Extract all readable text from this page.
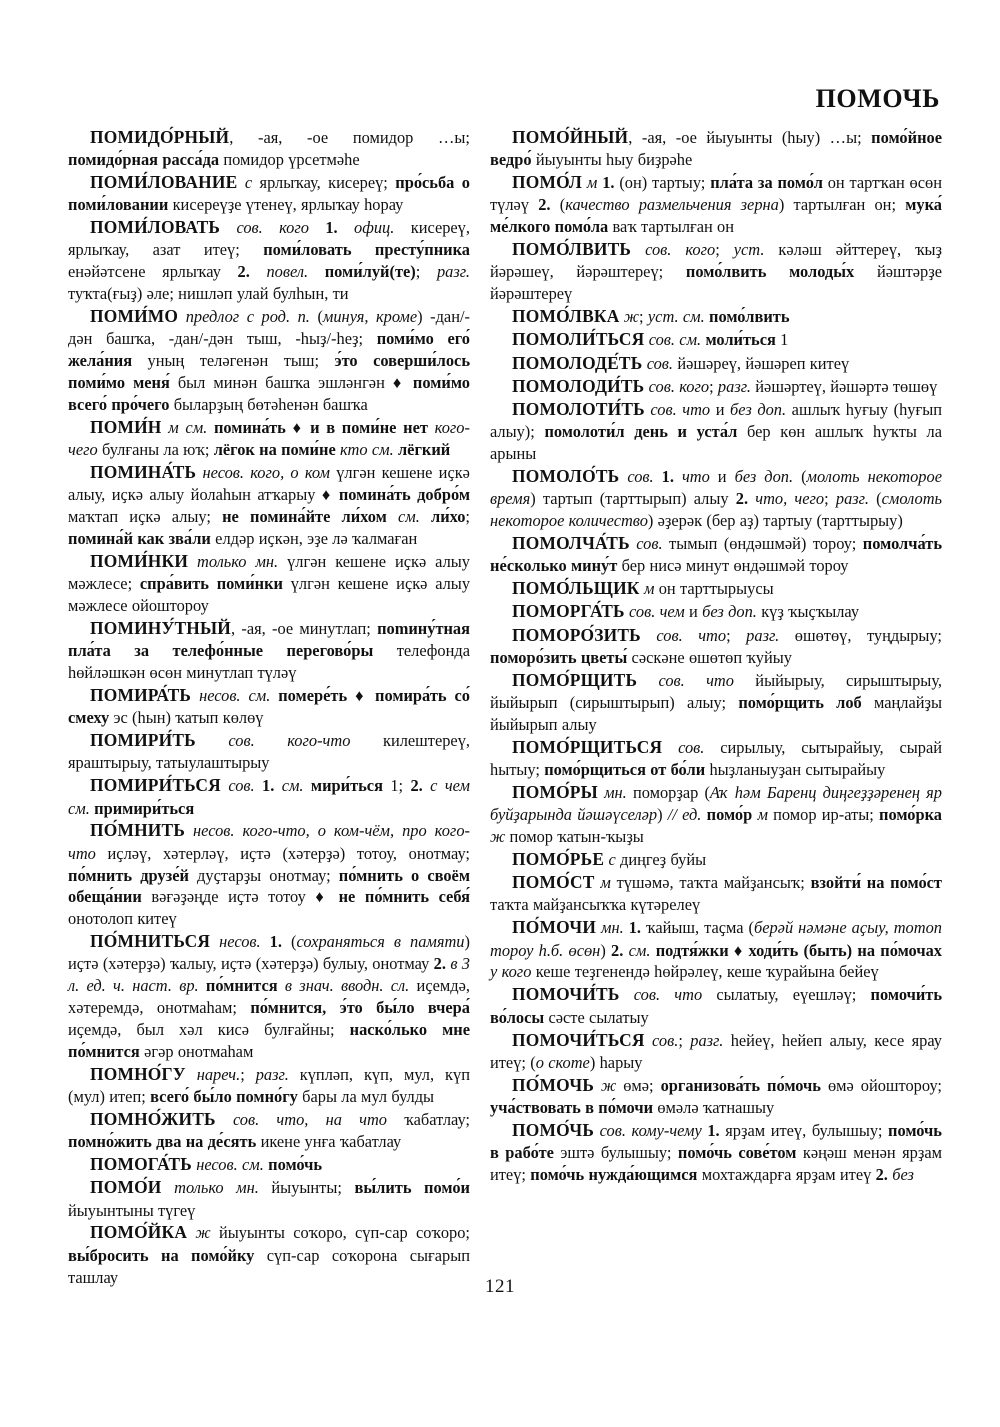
ПОМОЧЬ

ПОМИДО́РНЫЙ, -ая, -ое помидор …ы; помидо́рная расса́да помидор үрсетмәһе

ПОМИ́ЛОВАНИЕ с ярлыҡау, кисереү; про́сьба о поми́ловании кисереүҙе үтенеү, ярлыҡау һорау

ПОМИ́ЛОВАТЬ сов. кого 1. офиц. кисереү, ярлыҡау, азат итеү; поми́ловать престу́пника енәйәтсене ярлыҡау 2. повел. поми́луй(те); разг. туҡта(ғыҙ) әле; нишләп улай булһын, ти

ПОМИ́МО предлог с род. п. (минуя, кроме) -дан/-дән башҡа, -дан/-дән тыш, -һыҙ/-һеҙ; поми́мо его́ жела́ния уның теләгенән тыш; э́то соверши́лось поми́мо меня́ был минән башҡа эшләнгән ♦ поми́мо всего́ про́чего быларҙың бөтәһенән башҡа

ПОМИ́Н м см. помина́ть ♦ и в поми́не нет кого-чего булғаны ла юҡ; лёгок на поми́не кто см. лёгкий

ПОМИНА́ТЬ несов. кого, о ком үлгән кешене иҫкә алыу, иҫкә алыу йолаһын атҡарыу ♦ помина́ть добро́м маҡтап иҫкә алыу; не помина́йте ли́хом см. ли́хо; помина́й как зва́ли елдәр иҫкән, эҙе лә ҡалмаған

ПОМИ́НКИ только мн. үлгән кешене иҫкә алыу мәжлесе; спра́вить поми́нки үлгән кешене иҫкә алыу мәжлесе ойоштороу

ПОМИНУ́ТНЫЙ, -ая, -ое минутлап; пomину́тная пла́та за телефо́нные перегово́ры телефонда һөйләшкән өсөн минутлап түләү

ПОМИРА́ТЬ несов. см. помере́ть ♦ помира́ть со́ смеху эс (һын) ҡатып көлөү

ПОМИРИ́ТЬ сов. кого-что килештереү, яраштырыу, татыулаштырыу

ПОМИРИ́ТЬСЯ сов. 1. см. мири́ться 1; 2. с чем см. примири́ться

ПО́МНИТЬ несов. кого-что, о ком-чём, про кого-что иҫләү, хәтерләү, иҫтә (хәтерҙә) тотоу, онотмау; по́мнить друзе́й дуҫтарҙы онотмау; по́мнить о своём обеща́нии вәғәҙәңде иҫтә тотоу ♦ не по́мнить себя́ онотолоп китеү

ПО́МНИТЬСЯ несов. 1. (сохраняться в памяти) иҫтә (хәтерҙә) ҡалыу, иҫтә (хәтерҙә) булыу, онотмау 2. в 3 л. ед. ч. наст. вр. по́мнится в знач. вводн. сл. иҫемдә, хәтеремдә, онотмаһам; по́мнится, э́то бы́ло вчера́ иҫемдә, был хәл кисә булғайны; наско́лько мне по́мнится әгәр онотмаһам

ПОМНО́ГУ нареч.; разг. күпләп, күп, мул, күп (мул) итеп; всего́ бы́ло помно́гу бары ла мул булды

ПОМНО́ЖИТЬ сов. что, на что ҡабатлау; помно́жить два на де́сять икене унға ҡабатлау

ПОМОГА́ТЬ несов. см. помо́чь

ПОМО́И только мн. йыуынты; вы́лить помо́и йыуынтыны түгеү

ПОМО́ЙКА ж йыуынты соҡоро, сүп-сар соҡоро; вы́бросить на помо́йку сүп-сар соҡорона сығарып ташлау

ПОМО́ЙНЫЙ, -ая, -ое йыуынты (һыу) …ы; помо́йное ведро́ йыуынты һыу биҙрәһе

ПОМО́Л м 1. (он) тартыу; пла́та за помо́л он тартҡан өсөн түләү 2. (качество размельчения зерна) тартылған он; мука́ ме́лкого помо́ла ваҡ тартылған он

ПОМО́ЛВИТЬ сов. кого; уст. кәләш әйттереү, ҡыҙ йәрәшеү, йәрәштереү; помо́лвить молоды́х йәштәрҙе йәрәштереү

ПОМО́ЛВКА ж; уст. см. помо́лвить

ПОМОЛИ́ТЬСЯ сов. см. моли́ться 1

ПОМОЛОДЕ́ТЬ сов. йәшәреү, йәшәреп китеү

ПОМОЛОДИ́ТЬ сов. кого; разг. йәшәртеү, йәшәртә төшөү

ПОМОЛОТИ́ТЬ сов. что и без доп. ашлыҡ һуғыу (һуғып алыу); помолоти́л день и уста́л бер көн ашлыҡ һуҡты ла арыны

ПОМОЛО́ТЬ сов. 1. что и без доп. (молоть некоторое время) тартып (тарттырып) алыу 2. что, чего; разг. (смолоть некоторое количество) әҙерәк (бер аҙ) тартыу (тарттырыу)

ПОМОЛЧА́ТЬ сов. тымып (өндәшмәй) тороу; помолча́ть не́сколько мину́т бер нисә минут өндәшмәй тороу

ПОМО́ЛЬЩИК м он тарттырыусы

ПОМОРГА́ТЬ сов. чем и без доп. күҙ ҡыҫҡылау

ПОМОРО́ЗИТЬ сов. что; разг. өшөтөү, туңдырыу; поморо́зить цветы́ сәскәне өшөтөп ҡуйыу

ПОМО́РЩИТЬ сов. что йыйырыу, сирыштырыу, йыйырып (сирыштырып) алыу; помо́рщить лоб маңлайҙы йыйырып алыу

ПОМО́РЩИТЬСЯ сов. сирылыу, сытырайыу, сырай һытыу; помо́рщиться от бо́ли һыҙланыуҙан сытырайыу

ПОМО́РЫ мн. поморҙар (Аҡ һәм Баренц диңгеҙҙәренең яр буйҙарында йәшәүселәр) // ед. помо́р м помор ир-аты; помо́рка ж помор ҡатын-ҡыҙы

ПОМО́РЬЕ с диңгеҙ буйы

ПОМО́СТ м түшәмә, таҡта майҙансыҡ; взойти́ на помо́ст таҡта майҙансыҡҡа күтәрелеү

ПО́МОЧИ мн. 1. ҡайыш, таҫма (берәй нәмәне аҫыу, тотоп тороу һ.б. өсөн) 2. см. подтя́жки ♦ ходи́ть (быть) на по́мочах у кого кеше теҙгенендә һөйрәлеү, кеше ҡурайына бейеү

ПОМОЧИ́ТЬ сов. что сылатыу, еүешләү; помочи́ть во́лосы сәсте сылатыу

ПОМОЧИ́ТЬСЯ сов.; разг. һейеү, һейеп алыу, кесе ярау итеү; (о скоте) һарыу

ПО́МОЧЬ ж өмә; организова́ть по́мочь өмә ойоштороу; уча́ствовать в по́мочи өмәлә ҡатнашыу

ПОМО́ЧЬ сов. кому-чему 1. ярҙам итеү, булышыу; помо́чь в рабо́те эштә булышыу; помо́чь сове́том кәңәш менән ярҙам итеү; помо́чь нужда́ющимся мохтаждарға ярҙам итеү 2. без

121
